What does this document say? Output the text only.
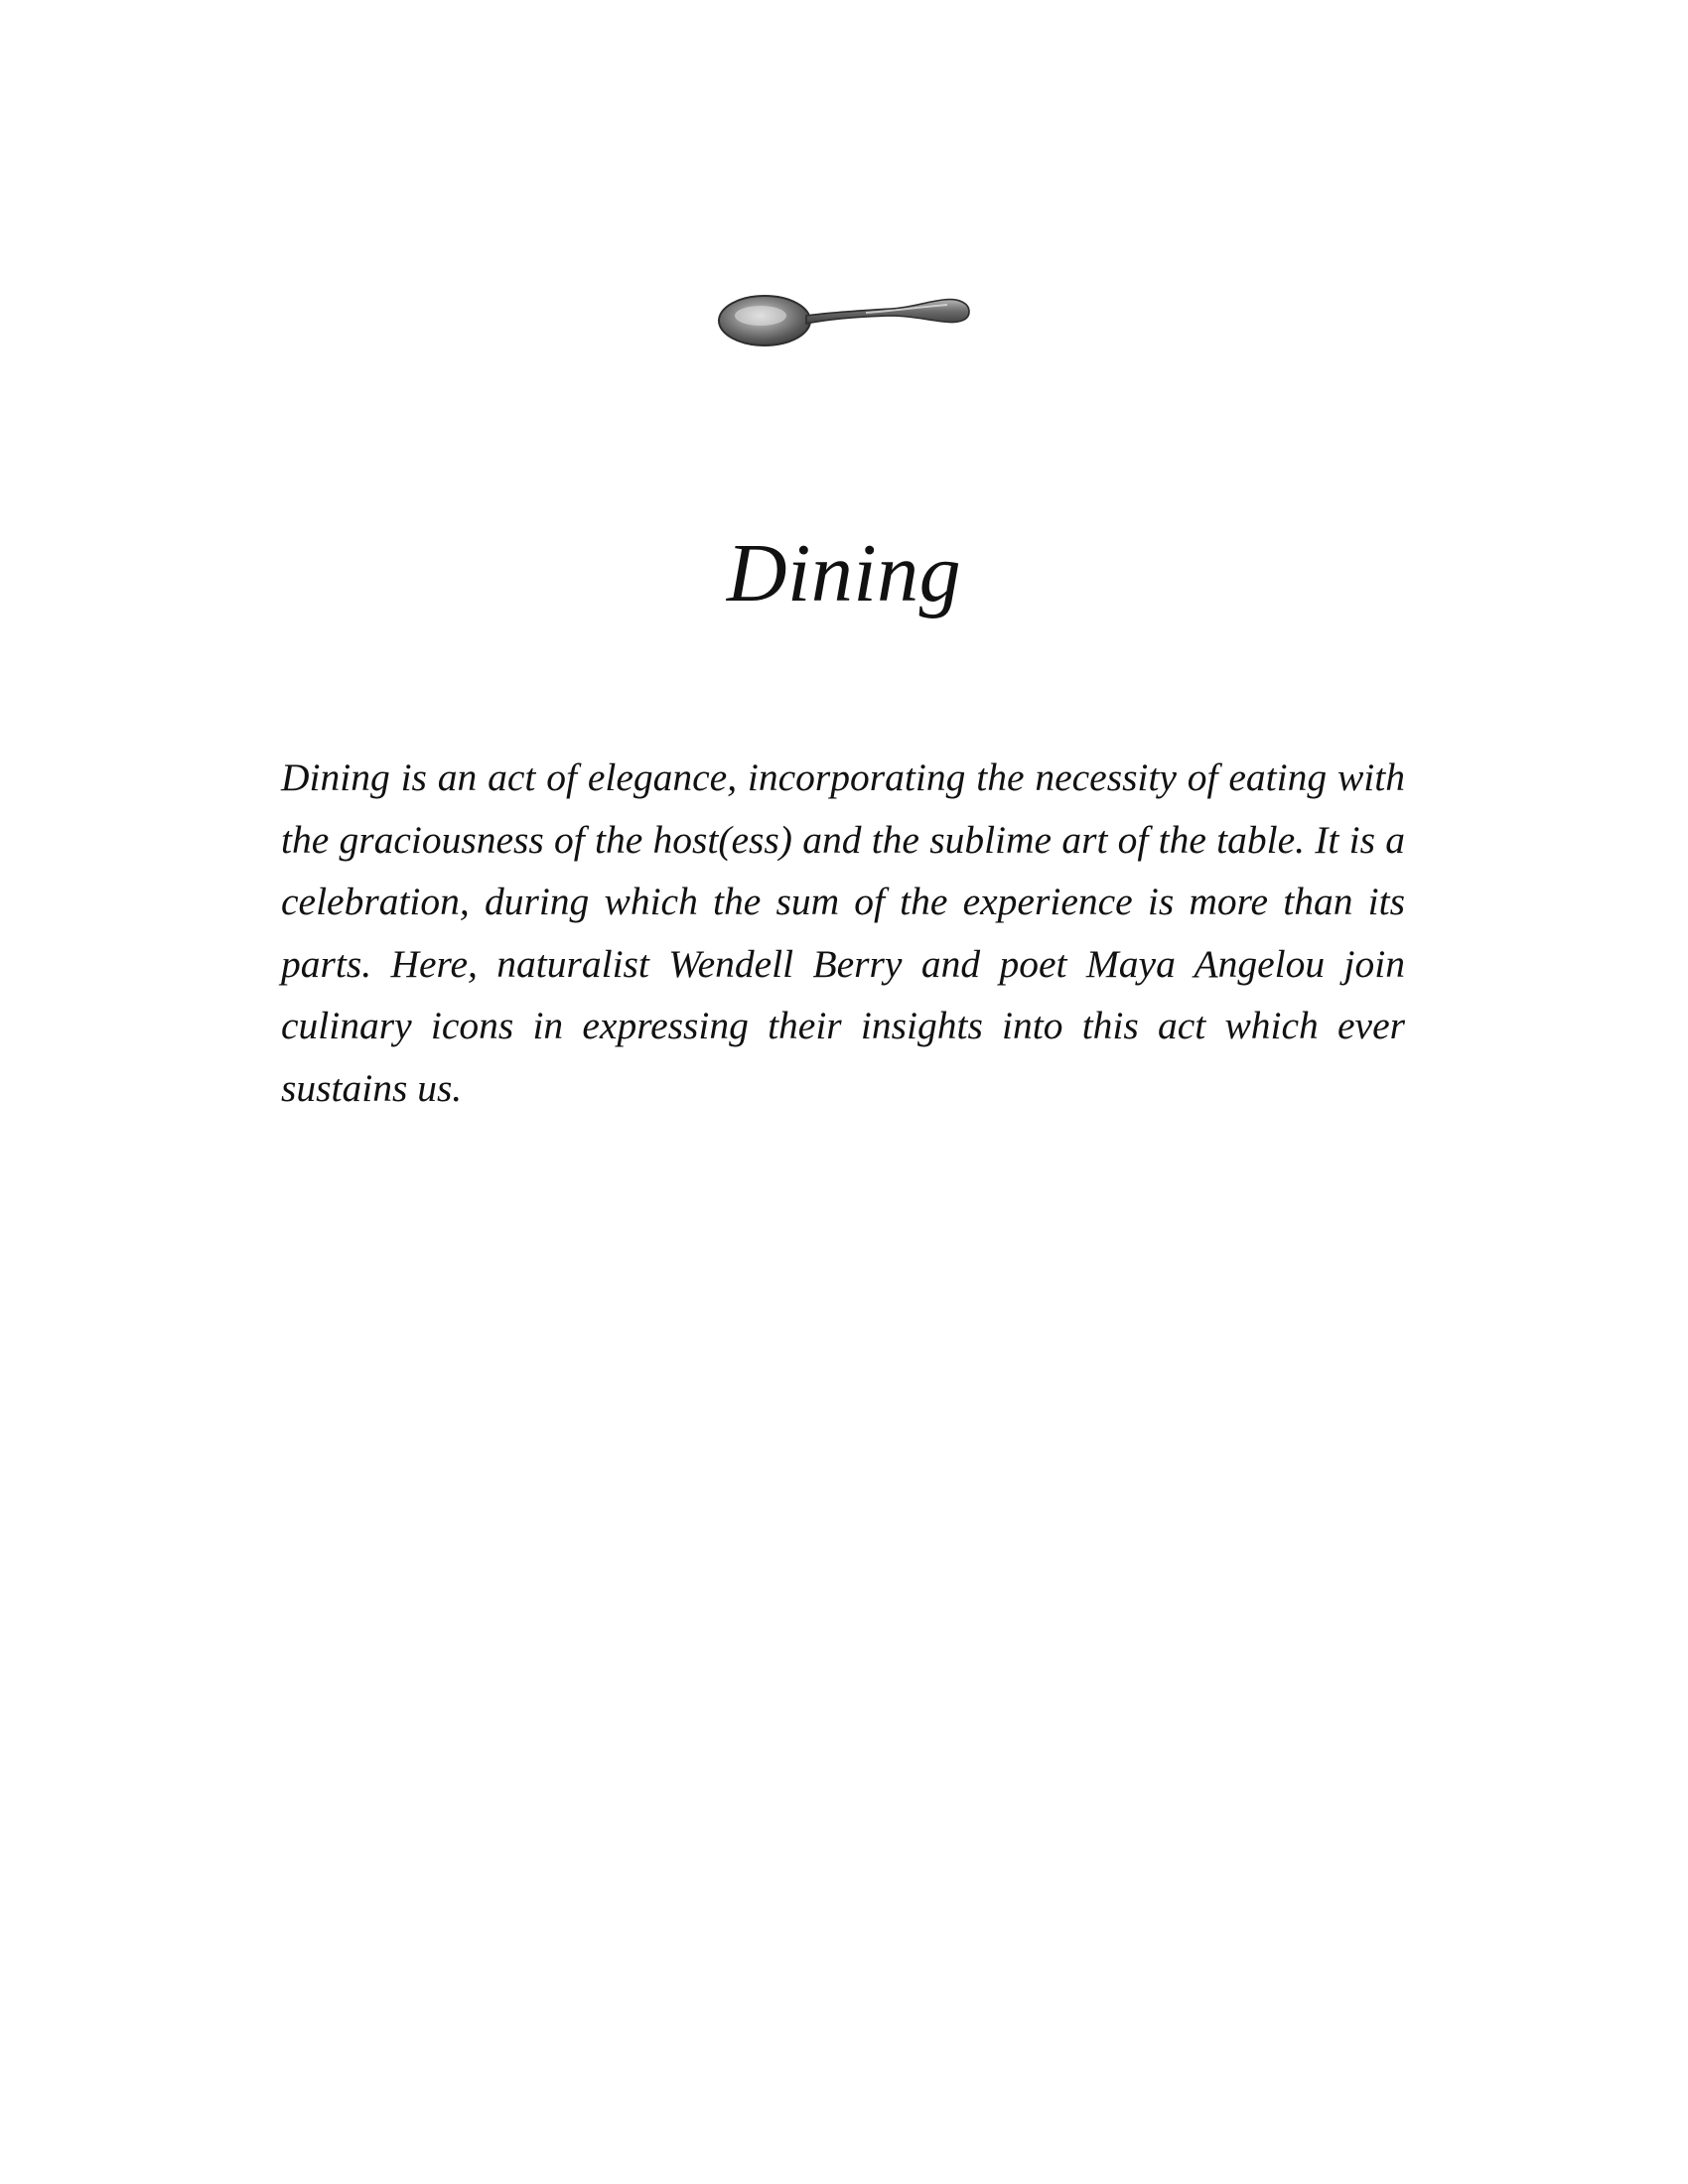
Dining

Dining is an act of elegance, incorporating the necessity of eating with the graciousness of the host(ess) and the sublime art of the table. It is a celebration, during which the sum of the experience is more than its parts. Here, naturalist Wendell Berry and poet Maya Angelou join culinary icons in expressing their insights into this act which ever sustains us.
